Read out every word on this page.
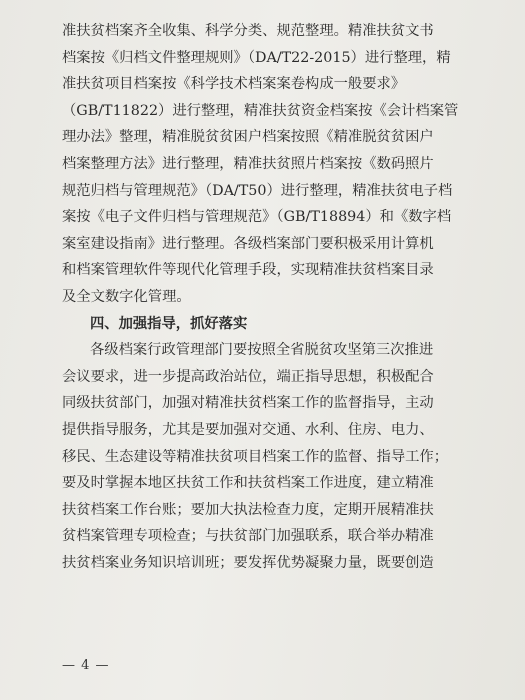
准扶贫档案齐全收集、科学分类、规范整理。精准扶贫文书
档案按《归档文件整理规则》（DA/T22-2015）进行整理，精
准扶贫项目档案按《科学技术档案案卷构成一般要求》
（GB/T11822）进行整理，精准扶贫资金档案按《会计档案管
理办法》整理，精准脱贫贫困户档案按照《精准脱贫贫困户
档案整理方法》进行整理，精准扶贫照片档案按《数码照片
规范归档与管理规范》（DA/T50）进行整理，精准扶贫电子档
案按《电子文件归档与管理规范》（GB/T18894）和《数字档
案室建设指南》进行整理。各级档案部门要积极采用计算机
和档案管理软件等现代化管理手段，实现精准扶贫档案目录
及全文数字化管理。
四、加强指导，抓好落实
各级档案行政管理部门要按照全省脱贫攻坚第三次推进
会议要求，进一步提高政治站位，端正指导思想，积极配合
同级扶贫部门，加强对精准扶贫档案工作的监督指导，主动
提供指导服务，尤其是要加强对交通、水利、住房、电力、
移民、生态建设等精准扶贫项目档案工作的监督、指导工作；
要及时掌握本地区扶贫工作和扶贫档案工作进度，建立精准
扶贫档案工作台账；要加大执法检查力度，定期开展精准扶
贫档案管理专项检查；与扶贫部门加强联系，联合举办精准
扶贫档案业务知识培训班；要发挥优势凝聚力量，既要创造
— 4 —
